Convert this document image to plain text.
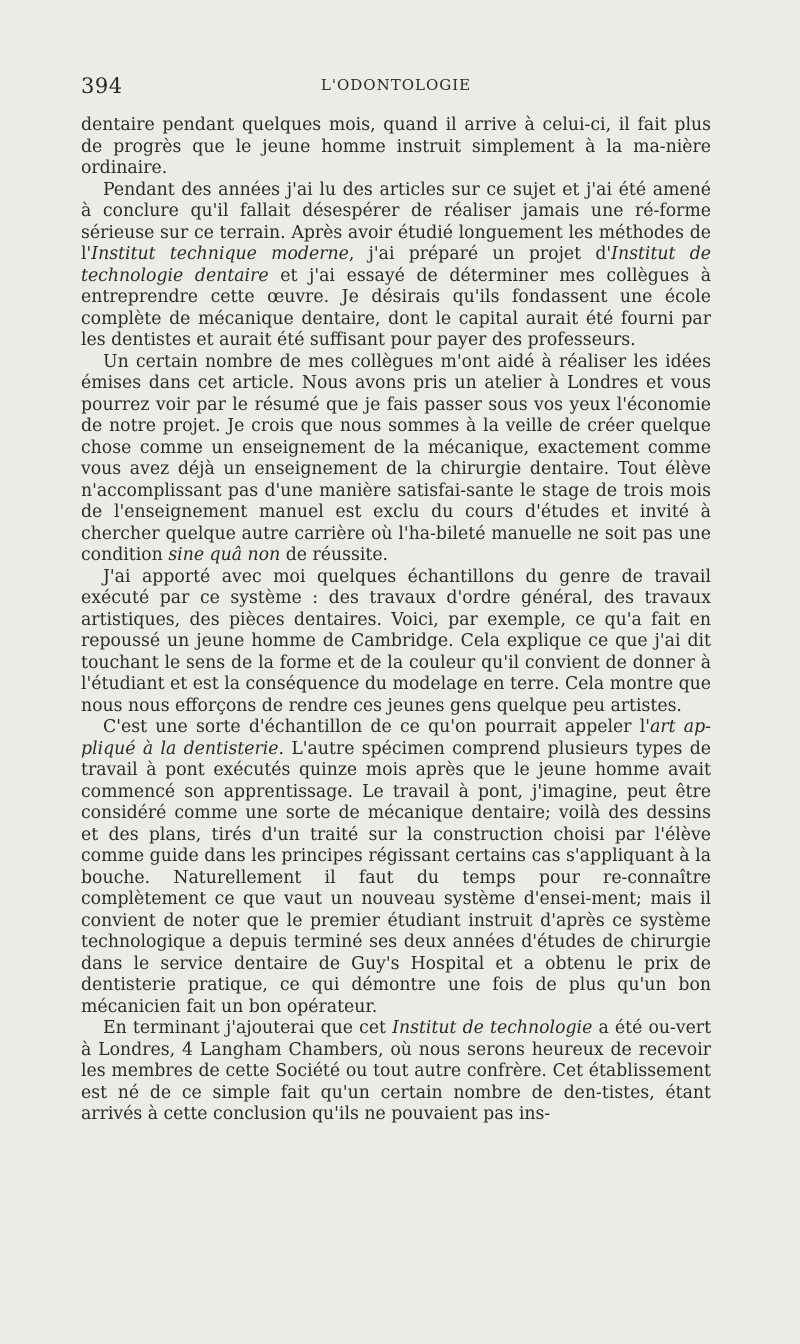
394	L'ODONTOLOGIE

dentaire pendant quelques mois, quand il arrive à celui-ci, il fait plus de progrès que le jeune homme instruit simplement à la ma-nière ordinaire.

Pendant des années j'ai lu des articles sur ce sujet et j'ai été amené à conclure qu'il fallait désespérer de réaliser jamais une ré-forme sérieuse sur ce terrain. Après avoir étudié longuement les méthodes de l'Institut technique moderne, j'ai préparé un projet d'Institut de technologie dentaire et j'ai essayé de déterminer mes collègues à entreprendre cette œuvre. Je désirais qu'ils fondassent une école complète de mécanique dentaire, dont le capital aurait été fourni par les dentistes et aurait été suffisant pour payer des professeurs.

Un certain nombre de mes collègues m'ont aidé à réaliser les idées émises dans cet article. Nous avons pris un atelier à Londres et vous pourrez voir par le résumé que je fais passer sous vos yeux l'économie de notre projet. Je crois que nous sommes à la veille de créer quelque chose comme un enseignement de la mécanique, exactement comme vous avez déjà un enseignement de la chirurgie dentaire. Tout élève n'accomplissant pas d'une manière satisfai-sante le stage de trois mois de l'enseignement manuel est exclu du cours d'études et invité à chercher quelque autre carrière où l'ha-bileté manuelle ne soit pas une condition sine quâ non de réussite.

J'ai apporté avec moi quelques échantillons du genre de travail exécuté par ce système : des travaux d'ordre général, des travaux artistiques, des pièces dentaires. Voici, par exemple, ce qu'a fait en repoussé un jeune homme de Cambridge. Cela explique ce que j'ai dit touchant le sens de la forme et de la couleur qu'il convient de donner à l'étudiant et est la conséquence du modelage en terre. Cela montre que nous nous efforçons de rendre ces jeunes gens quelque peu artistes.

C'est une sorte d'échantillon de ce qu'on pourrait appeler l'art ap-pliqué à la dentisterie. L'autre spécimen comprend plusieurs types de travail à pont exécutés quinze mois après que le jeune homme avait commencé son apprentissage. Le travail à pont, j'imagine, peut être considéré comme une sorte de mécanique dentaire; voilà des dessins et des plans, tirés d'un traité sur la construction choisi par l'élève comme guide dans les principes régissant certains cas s'appliquant à la bouche. Naturellement il faut du temps pour re-connaître complètement ce que vaut un nouveau système d'ensei-ment; mais il convient de noter que le premier étudiant instruit d'après ce système technologique a depuis terminé ses deux années d'études de chirurgie dans le service dentaire de Guy's Hospital et a obtenu le prix de dentisterie pratique, ce qui démontre une fois de plus qu'un bon mécanicien fait un bon opérateur.

En terminant j'ajouterai que cet Institut de technologie a été ou-vert à Londres, 4 Langham Chambers, où nous serons heureux de recevoir les membres de cette Société ou tout autre confrère. Cet établissement est né de ce simple fait qu'un certain nombre de den-tistes, étant arrivés à cette conclusion qu'ils ne pouvaient pas ins-
